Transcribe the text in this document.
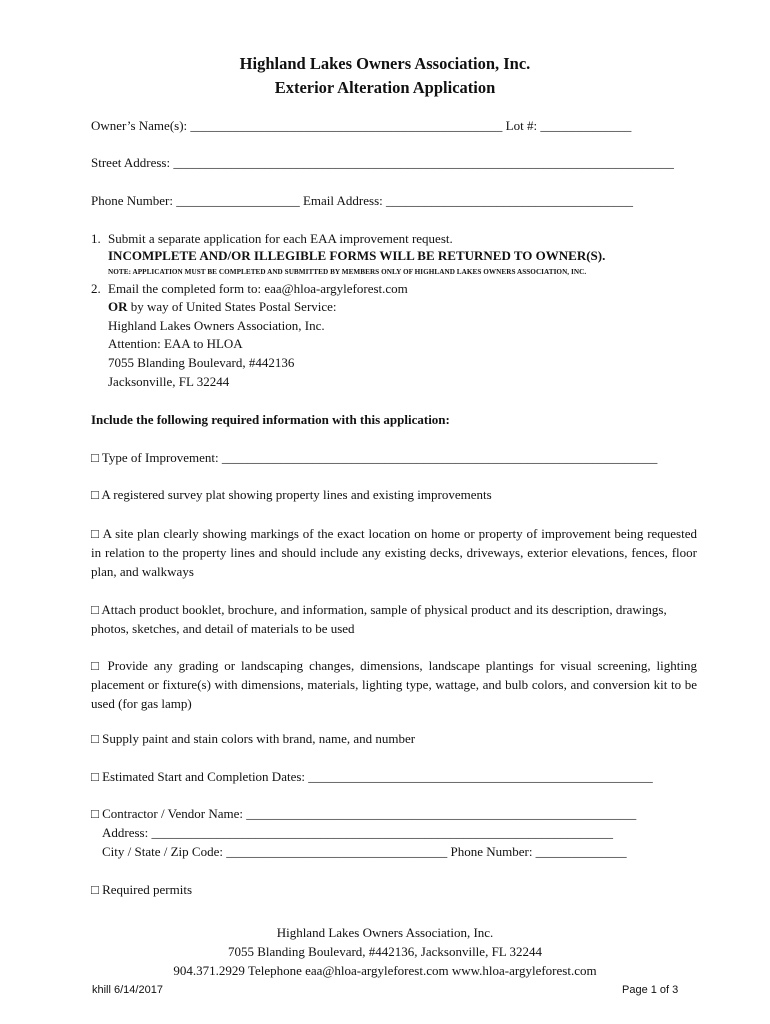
Highland Lakes Owners Association, Inc.
Exterior Alteration Application
Owner’s Name(s): ________________________________________________ Lot #: ______________
Street Address: _____________________________________________________________________________
Phone Number: ___________________ Email Address: ______________________________________
1. Submit a separate application for each EAA improvement request.
INCOMPLETE AND/OR ILLEGIBLE FORMS WILL BE RETURNED TO OWNER(S).
NOTE: APPLICATION MUST BE COMPLETED AND SUBMITTED BY MEMBERS ONLY OF HIGHLAND LAKES OWNERS ASSOCIATION, INC.
2. Email the completed form to: eaa@hloa-argyleforest.com
OR by way of United States Postal Service:
Highland Lakes Owners Association, Inc.
Attention: EAA to HLOA
7055 Blanding Boulevard, #442136
Jacksonville, FL 32244
Include the following required information with this application:
□ Type of Improvement: ___________________________________________________________________
□ A registered survey plat showing property lines and existing improvements
□ A site plan clearly showing markings of the exact location on home or property of improvement being requested in relation to the property lines and should include any existing decks, driveways, exterior elevations, fences, floor plan, and walkways
□ Attach product booklet, brochure, and information, sample of physical product and its description, drawings, photos, sketches, and detail of materials to be used
□ Provide any grading or landscaping changes, dimensions, landscape plantings for visual screening, lighting placement or fixture(s) with dimensions, materials, lighting type, wattage, and bulb colors, and conversion kit to be used (for gas lamp)
□ Supply paint and stain colors with brand, name, and number
□ Estimated Start and Completion Dates: _____________________________________________________
□ Contractor / Vendor Name: ____________________________________________________________
Address: _______________________________________________________________________
City / State / Zip Code: __________________________________ Phone Number: ______________
□ Required permits
Highland Lakes Owners Association, Inc.
7055 Blanding Boulevard, #442136, Jacksonville, FL 32244
904.371.2929 Telephone eaa@hloa-argyleforest.com www.hloa-argyleforest.com
khill 6/14/2017	Page 1 of 3
